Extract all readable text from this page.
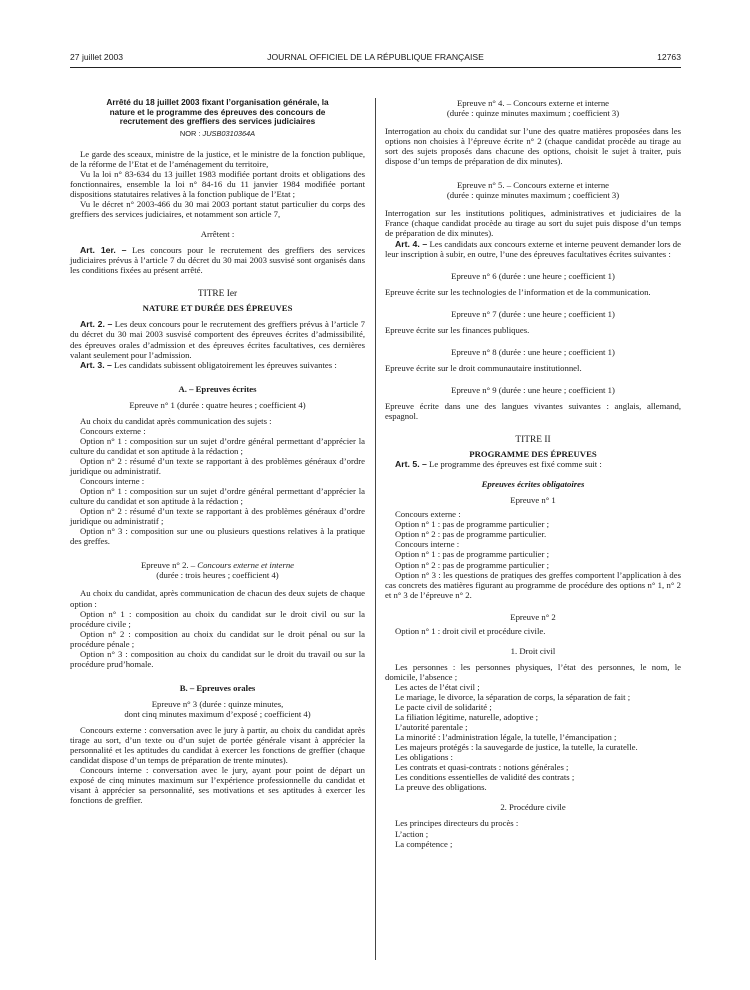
27 juillet 2003	JOURNAL OFFICIEL DE LA RÉPUBLIQUE FRANÇAISE	12763

Arrêté du 18 juillet 2003 fixant l’organisation générale, la

nature et le programme des épreuves des concours de

recrutement des greffiers des services judiciaires

NOR : JUSB0310364A

Le garde des sceaux, ministre de la justice, et le ministre de la fonction publique, de la réforme de l’Etat et de l’aménagement du territoire,

Vu la loi n° 83-634 du 13 juillet 1983 modifiée portant droits et obligations des fonctionnaires, ensemble la loi n° 84-16 du 11 janvier 1984 modifiée portant dispositions statutaires relatives à la fonction publique de l’Etat ;

Vu le décret n° 2003-466 du 30 mai 2003 portant statut particulier du corps des greffiers des services judiciaires, et notamment son article 7,

Arrêtent :

Art. 1er. – Les concours pour le recrutement des greffiers des services judiciaires prévus à l’article 7 du décret du 30 mai 2003 susvisé sont organisés dans les conditions fixées au présent arrêté.

TITRE Ier

NATURE ET DURÉE DES ÉPREUVES

Art. 2. – Les deux concours pour le recrutement des greffiers prévus à l’article 7 du décret du 30 mai 2003 susvisé comportent des épreuves écrites d’admissibilité, des épreuves orales d’admission et des épreuves écrites facultatives, ces dernières valant seulement pour l’admission.

Art. 3. – Les candidats subissent obligatoirement les épreuves suivantes :

A. – Epreuves écrites

Epreuve n° 1 (durée : quatre heures ; coefficient 4)

Au choix du candidat après communication des sujets :

Concours externe :

Option n° 1 : composition sur un sujet d’ordre général permettant d’apprécier la culture du candidat et son aptitude à la rédaction ;

Option n° 2 : résumé d’un texte se rapportant à des problèmes généraux d’ordre juridique ou administratif.

Concours interne :

Option n° 1 : composition sur un sujet d’ordre général permettant d’apprécier la culture du candidat et son aptitude à la rédaction ;

Option n° 2 : résumé d’un texte se rapportant à des problèmes généraux d’ordre juridique ou administratif ;

Option n° 3 : composition sur une ou plusieurs questions relatives à la pratique des greffes.

Epreuve n° 2. – Concours externe et interne

(durée : trois heures ; coefficient 4)

Au choix du candidat, après communication de chacun des deux sujets de chaque option :

Option n° 1 : composition au choix du candidat sur le droit civil ou sur la procédure civile ;

Option n° 2 : composition au choix du candidat sur le droit pénal ou sur la procédure pénale ;

Option n° 3 : composition au choix du candidat sur le droit du travail ou sur la procédure prud’homale.

B. – Epreuves orales

Epreuve n° 3 (durée : quinze minutes,

dont cinq minutes maximum d’exposé ; coefficient 4)

Concours externe : conversation avec le jury à partir, au choix du candidat après tirage au sort, d’un texte ou d’un sujet de portée générale visant à apprécier la personnalité et les aptitudes du candidat à exercer les fonctions de greffier (chaque candidat dispose d’un temps de préparation de trente minutes).

Concours interne : conversation avec le jury, ayant pour point de départ un exposé de cinq minutes maximum sur l’expérience professionnelle du candidat et visant à apprécier sa personnalité, ses motivations et ses aptitudes à exercer les fonctions de greffier.

Epreuve n° 4. – Concours externe et interne

(durée : quinze minutes maximum ; coefficient 3)

Interrogation au choix du candidat sur l’une des quatre matières proposées dans les options non choisies à l’épreuve écrite n° 2 (chaque candidat procède au tirage au sort des sujets proposés dans chacune des options, choisit le sujet à traiter, puis dispose d’un temps de préparation de dix minutes).

Epreuve n° 5. – Concours externe et interne

(durée : quinze minutes maximum ; coefficient 3)

Interrogation sur les institutions politiques, administratives et judiciaires de la France (chaque candidat procède au tirage au sort du sujet puis dispose d’un temps de préparation de dix minutes).

Art. 4. – Les candidats aux concours externe et interne peuvent demander lors de leur inscription à subir, en outre, l’une des épreuves facultatives écrites suivantes :

Epreuve n° 6 (durée : une heure ; coefficient 1)

Epreuve écrite sur les technologies de l’information et de la communication.

Epreuve n° 7 (durée : une heure ; coefficient 1)

Epreuve écrite sur les finances publiques.

Epreuve n° 8 (durée : une heure ; coefficient 1)

Epreuve écrite sur le droit communautaire institutionnel.

Epreuve n° 9 (durée : une heure ; coefficient 1)

Epreuve écrite dans une des langues vivantes suivantes : anglais, allemand, espagnol.

TITRE II

PROGRAMME DES ÉPREUVES

Art. 5. – Le programme des épreuves est fixé comme suit :

Epreuves écrites obligatoires

Epreuve n° 1

Concours externe :

Option n° 1 : pas de programme particulier ;

Option n° 2 : pas de programme particulier.

Concours interne :

Option n° 1 : pas de programme particulier ;

Option n° 2 : pas de programme particulier ;

Option n° 3 : les questions de pratiques des greffes comportent l’application à des cas concrets des matières figurant au programme de procédure des options n° 1, n° 2 et n° 3 de l’épreuve n° 2.

Epreuve n° 2

Option n° 1 : droit civil et procédure civile.

1. Droit civil

Les personnes : les personnes physiques, l’état des personnes, le nom, le domicile, l’absence ;

Les actes de l’état civil ;

Le mariage, le divorce, la séparation de corps, la séparation de fait ;

Le pacte civil de solidarité ;

La filiation légitime, naturelle, adoptive ;

L’autorité parentale ;

La minorité : l’administration légale, la tutelle, l’émancipation ;

Les majeurs protégés : la sauvegarde de justice, la tutelle, la curatelle.

Les obligations :

Les contrats et quasi-contrats : notions générales ;

Les conditions essentielles de validité des contrats ;

La preuve des obligations.

2. Procédure civile

Les principes directeurs du procès :

L’action ;

La compétence ;
